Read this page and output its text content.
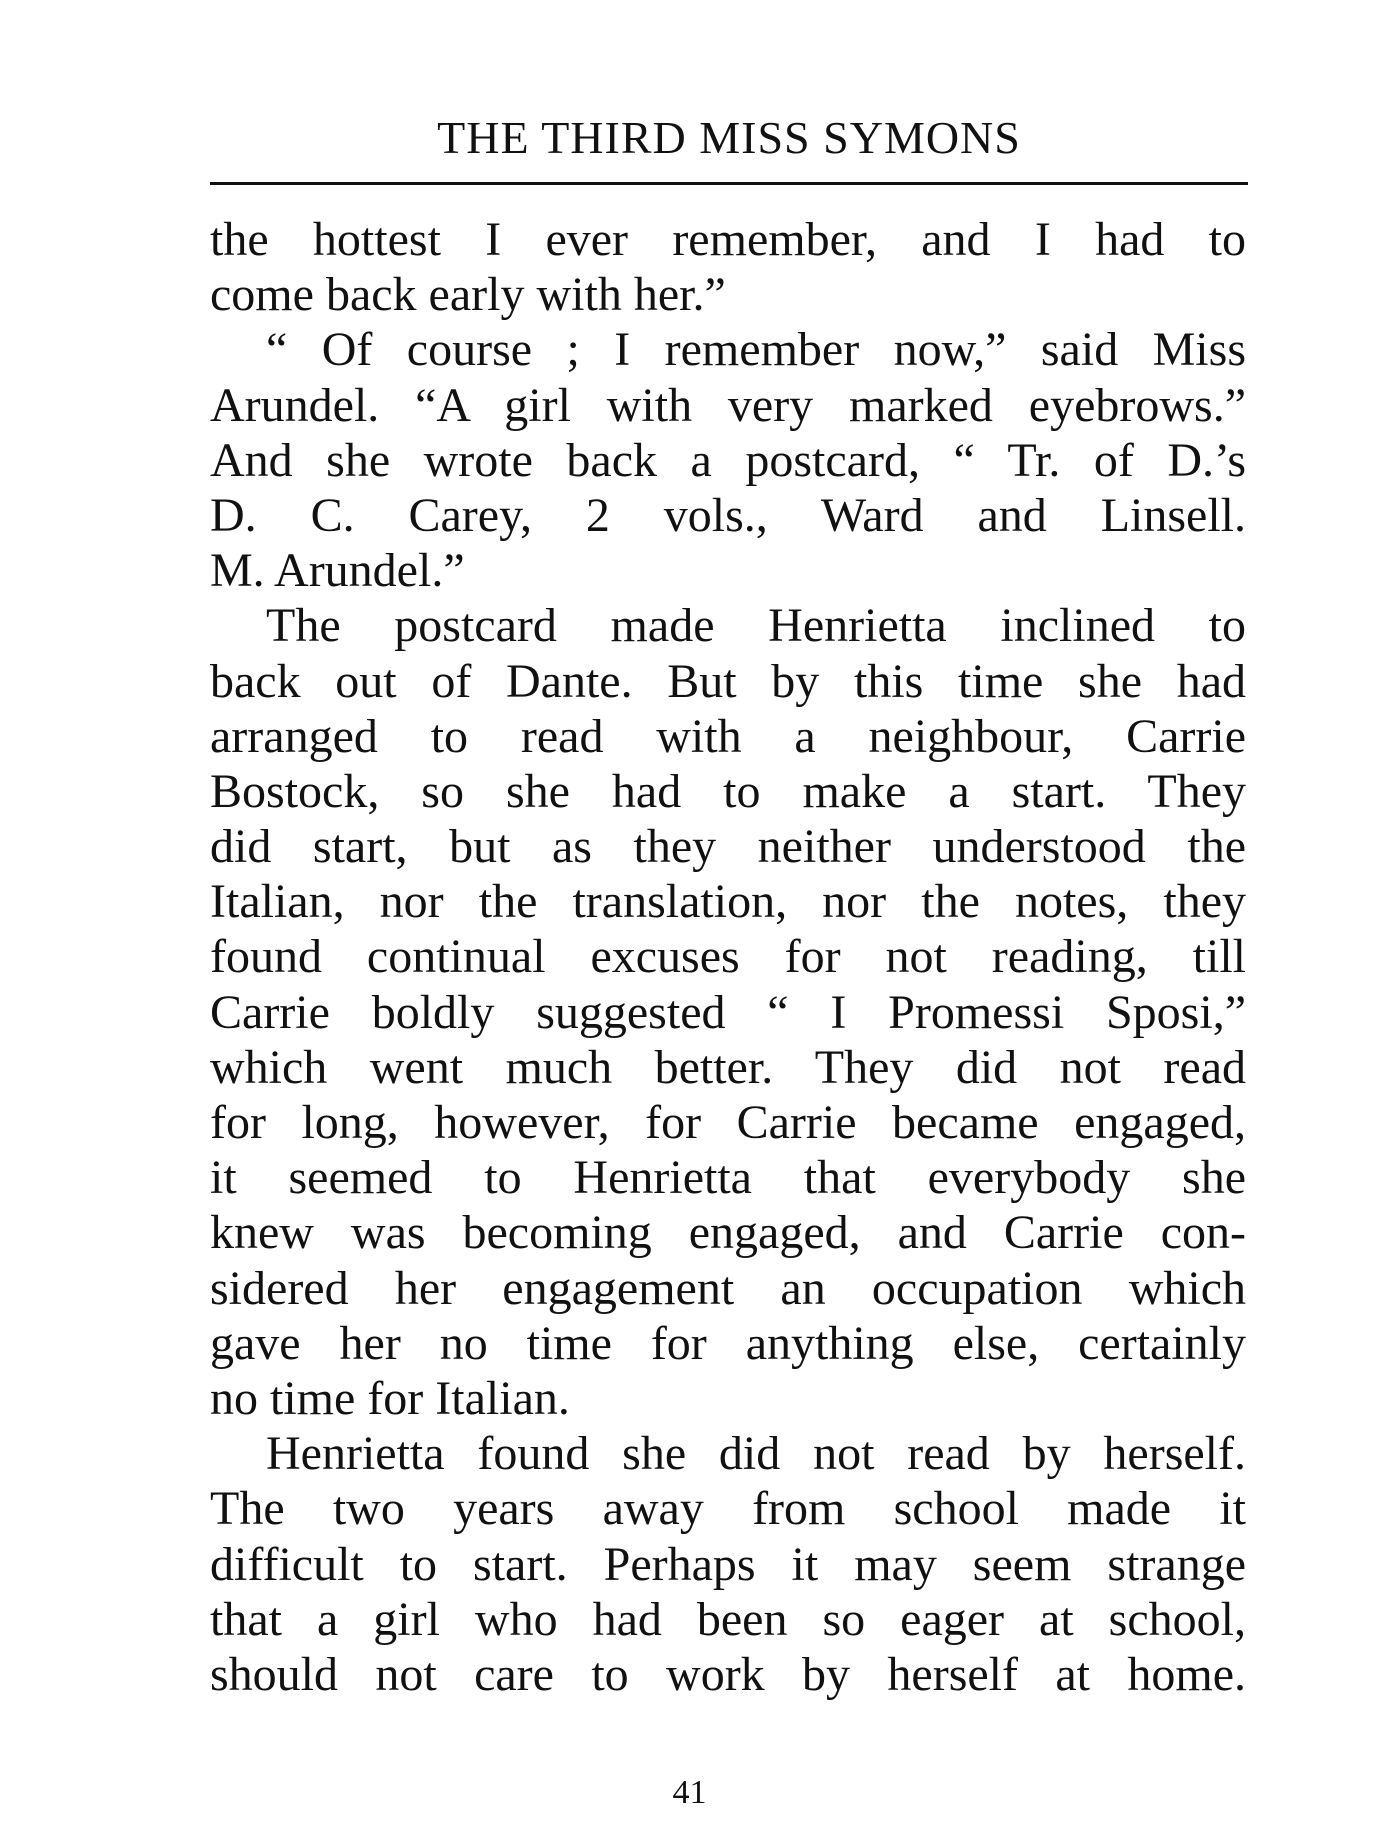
THE THIRD MISS SYMONS
the hottest I ever remember, and I had to
come back early with her.”
“ Of course ; I remember now,” said Miss
Arundel. “A girl with very marked eyebrows.”
And she wrote back a postcard, “ Tr. of D.’s
D. C. Carey, 2 vols., Ward and Linsell.
M. Arundel.”
The postcard made Henrietta inclined to
back out of Dante. But by this time she had
arranged to read with a neighbour, Carrie
Bostock, so she had to make a start. They
did start, but as they neither understood the
Italian, nor the translation, nor the notes, they
found continual excuses for not reading, till
Carrie boldly suggested “ I Promessi Sposi,”
which went much better. They did not read
for long, however, for Carrie became engaged,
it seemed to Henrietta that everybody she
knew was becoming engaged, and Carrie con-
sidered her engagement an occupation which
gave her no time for anything else, certainly
no time for Italian.
Henrietta found she did not read by herself.
The two years away from school made it
difficult to start. Perhaps it may seem strange
that a girl who had been so eager at school,
should not care to work by herself at home.
41
